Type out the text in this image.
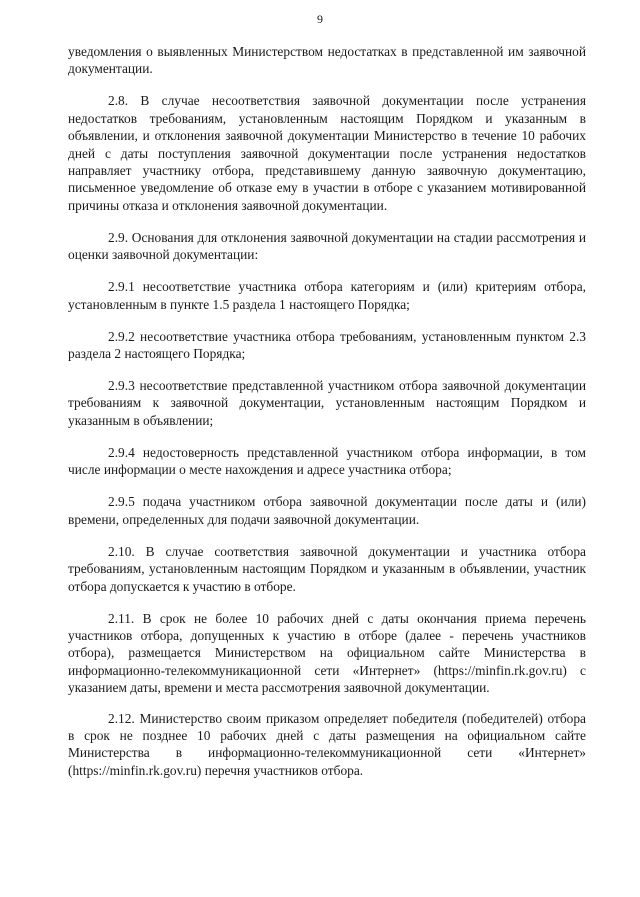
9

уведомления о выявленных Министерством недостатках в представленной им заявочной документации.

2.8. В случае несоответствия заявочной документации после устранения недостатков требованиям, установленным настоящим Порядком и указанным в объявлении, и отклонения заявочной документации Министерство в течение 10 рабочих дней с даты поступления заявочной документации после устранения недостатков направляет участнику отбора, представившему данную заявочную документацию, письменное уведомление об отказе ему в участии в отборе с указанием мотивированной причины отказа и отклонения заявочной документации.

2.9. Основания для отклонения заявочной документации на стадии рассмотрения и оценки заявочной документации:

2.9.1 несоответствие участника отбора категориям и (или) критериям отбора, установленным в пункте 1.5 раздела 1 настоящего Порядка;

2.9.2 несоответствие участника отбора требованиям, установленным пунктом 2.3 раздела 2 настоящего Порядка;

2.9.3 несоответствие представленной участником отбора заявочной документации требованиям к заявочной документации, установленным настоящим Порядком и указанным в объявлении;

2.9.4 недостоверность представленной участником отбора информации, в том числе информации о месте нахождения и адресе участника отбора;

2.9.5 подача участником отбора заявочной документации после даты и (или) времени, определенных для подачи заявочной документации.

2.10. В случае соответствия заявочной документации и участника отбора требованиям, установленным настоящим Порядком и указанным в объявлении, участник отбора допускается к участию в отборе.

2.11. В срок не более 10 рабочих дней с даты окончания приема перечень участников отбора, допущенных к участию в отборе (далее - перечень участников отбора), размещается Министерством на официальном сайте Министерства в информационно-телекоммуникационной сети «Интернет» (https://minfin.rk.gov.ru) с указанием даты, времени и места рассмотрения заявочной документации.

2.12. Министерство своим приказом определяет победителя (победителей) отбора в срок не позднее 10 рабочих дней с даты размещения на официальном сайте Министерства в информационно-телекоммуникационной сети «Интернет» (https://minfin.rk.gov.ru) перечня участников отбора.
